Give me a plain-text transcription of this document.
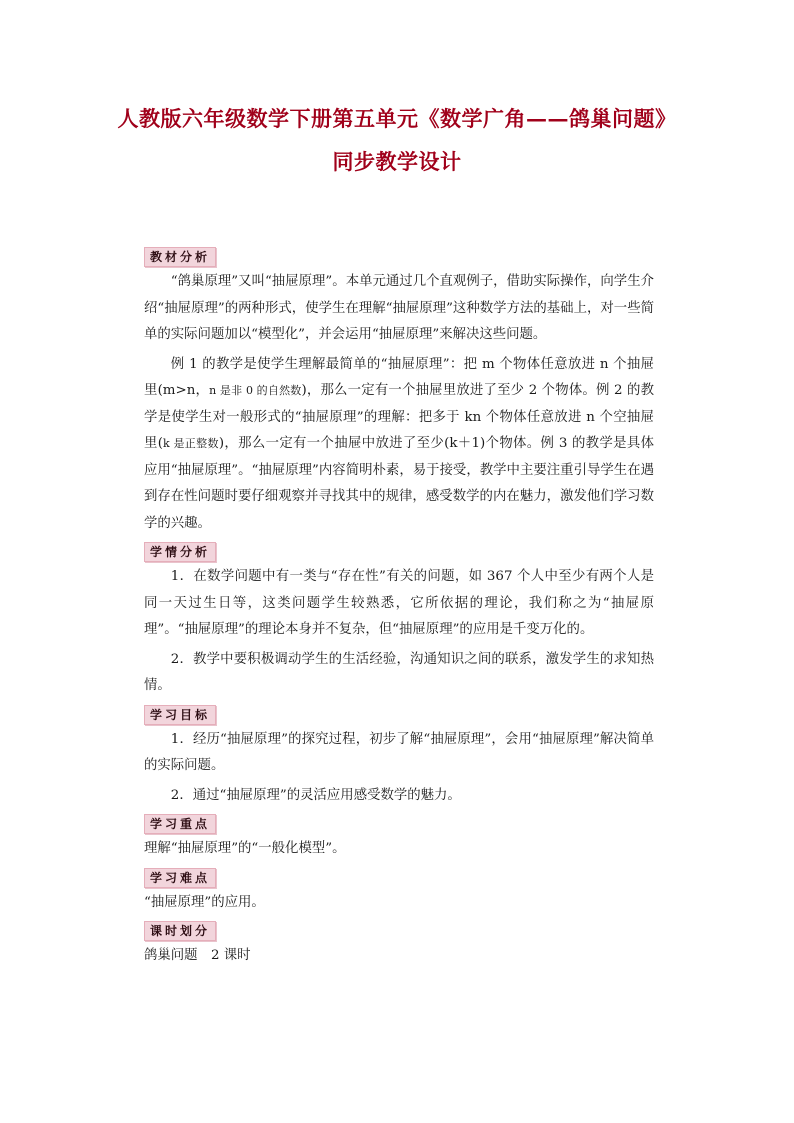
人教版六年级数学下册第五单元《数学广角——鸽巢问题》
同步教学设计
教材分析

“鸽巢原理”又叫“抽屉原理”。本单元通过几个直观例子，借助实际操作，向学生介绍“抽屉原理”的两种形式，使学生在理解“抽屉原理”这种数学方法的基础上，对一些简单的实际问题加以“模型化”，并会运用“抽屉原理”来解决这些问题。

例 1 的教学是使学生理解最简单的“抽屉原理”：把 m 个物体任意放进 n 个抽屉里(m>n，n 是非 0 的自然数)，那么一定有一个抽屉里放进了至少 2 个物体。例 2 的教学是使学生对一般形式的“抽屉原理”的理解：把多于 kn 个物体任意放进 n 个空抽屉里(k 是正整数)，那么一定有一个抽屉中放进了至少(k＋1)个物体。例 3 的教学是具体应用“抽屉原理”。“抽屉原理”内容简明朴素，易于接受，教学中主要注重引导学生在遇到存在性问题时要仔细观察并寻找其中的规律，感受数学的内在魅力，激发他们学习数学的兴趣。

学情分析

1．在数学问题中有一类与“存在性”有关的问题，如 367 个人中至少有两个人是同一天过生日等，这类问题学生较熟悉，它所依据的理论，我们称之为“抽屉原理”。“抽屉原理”的理论本身并不复杂，但“抽屉原理”的应用是千变万化的。

2．教学中要积极调动学生的生活经验，沟通知识之间的联系，激发学生的求知热情。

学习目标

1．经历“抽屉原理”的探究过程，初步了解“抽屉原理”，会用“抽屉原理”解决简单的实际问题。

2．通过“抽屉原理”的灵活应用感受数学的魅力。

学习重点

理解“抽屉原理”的“一般化模型”。

学习难点

“抽屉原理”的应用。

课时划分

鸽巢问题　2 课时
